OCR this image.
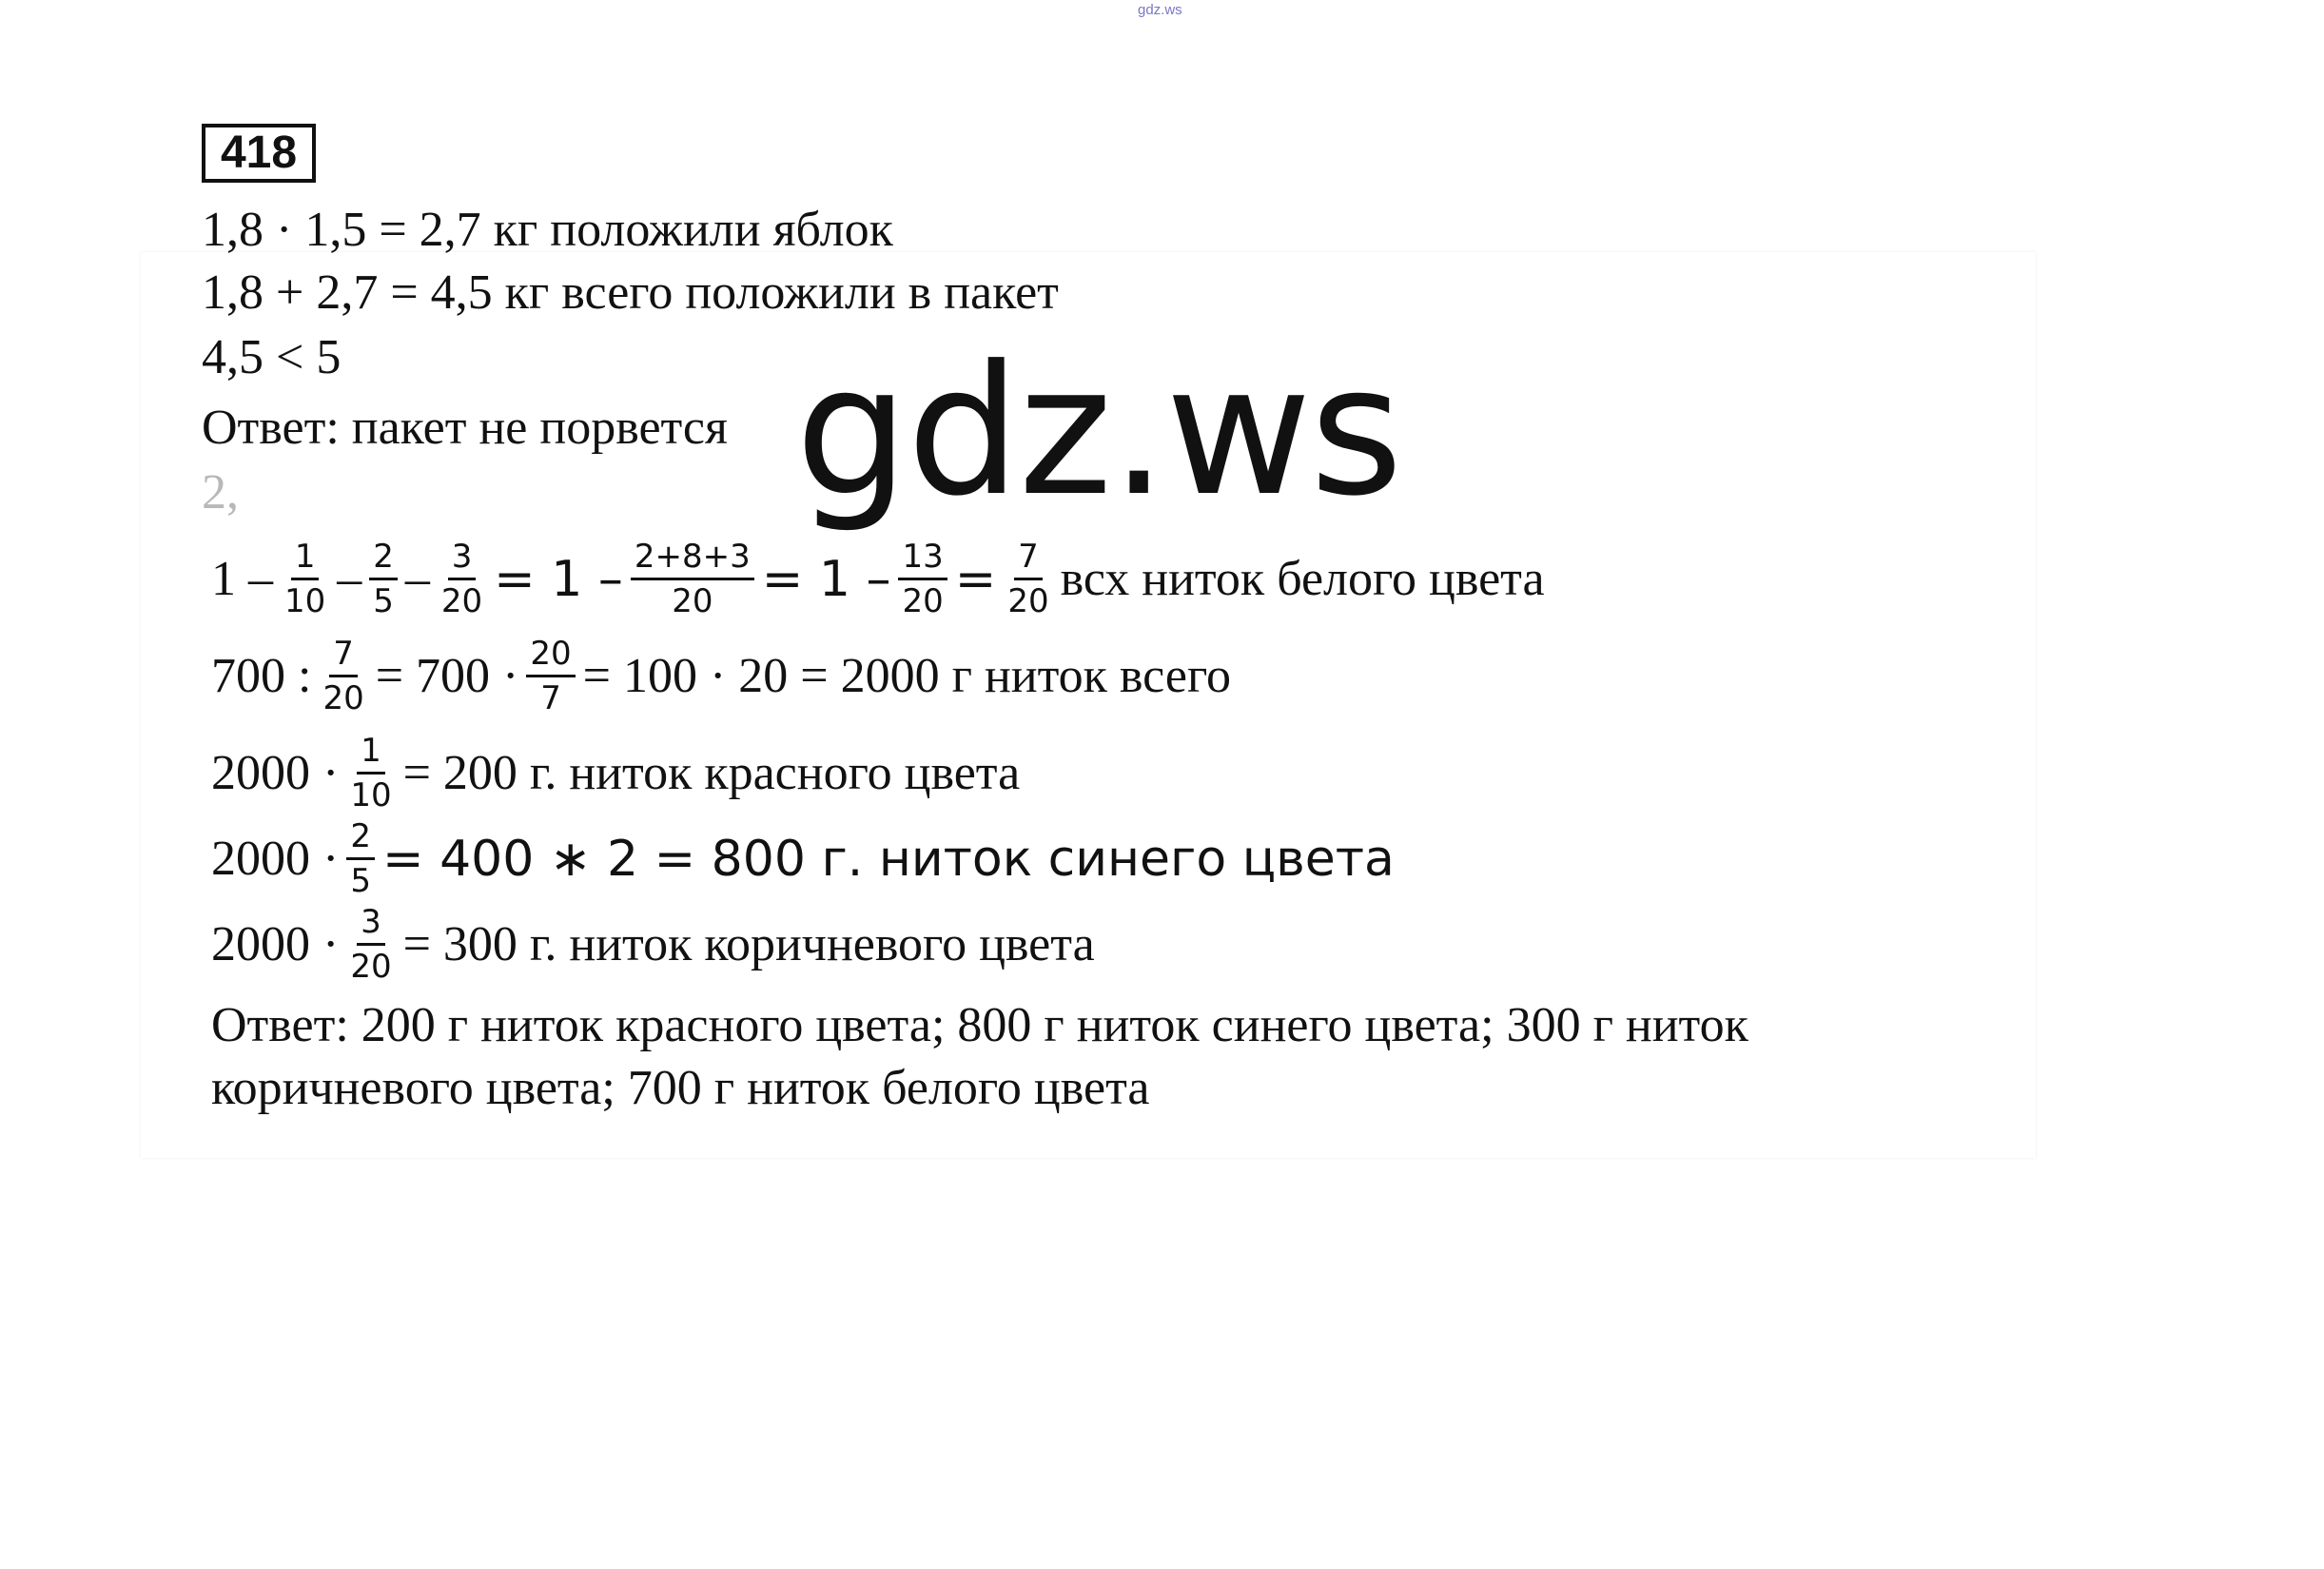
gdz.ws
418
1,8 · 1,5 = 2,7 кг положили яблок
1,8 + 2,7 = 4,5 кг всего положили в пакет
4,5 < 5
Ответ: пакет не порвется
2,
$1 - \frac{1}{10} - \frac{2}{5} - \frac{3}{20} = 1 - \frac{2+8+3}{20} = 1 - \frac{13}{20} = \frac{7}{20}$ всх ниток белого цвета
700 : $\frac{7}{20} = 700 \cdot \frac{20}{7} = 100 \cdot 20 = 2000$ г ниток всего
$2000 \cdot \frac{1}{10} = 200$ г. ниток красного цвета
$2000 \cdot \frac{2}{5} = 400$ ∗ 2 = 800 г. ниток синего цвета
$2000 \cdot \frac{3}{20} = 300$ г. ниток коричневого цвета
Ответ: 200 г ниток красного цвета; 800 г ниток синего цвета; 300 г ниток
коричневого цвета; 700 г ниток белого цвета
gdz.ws
